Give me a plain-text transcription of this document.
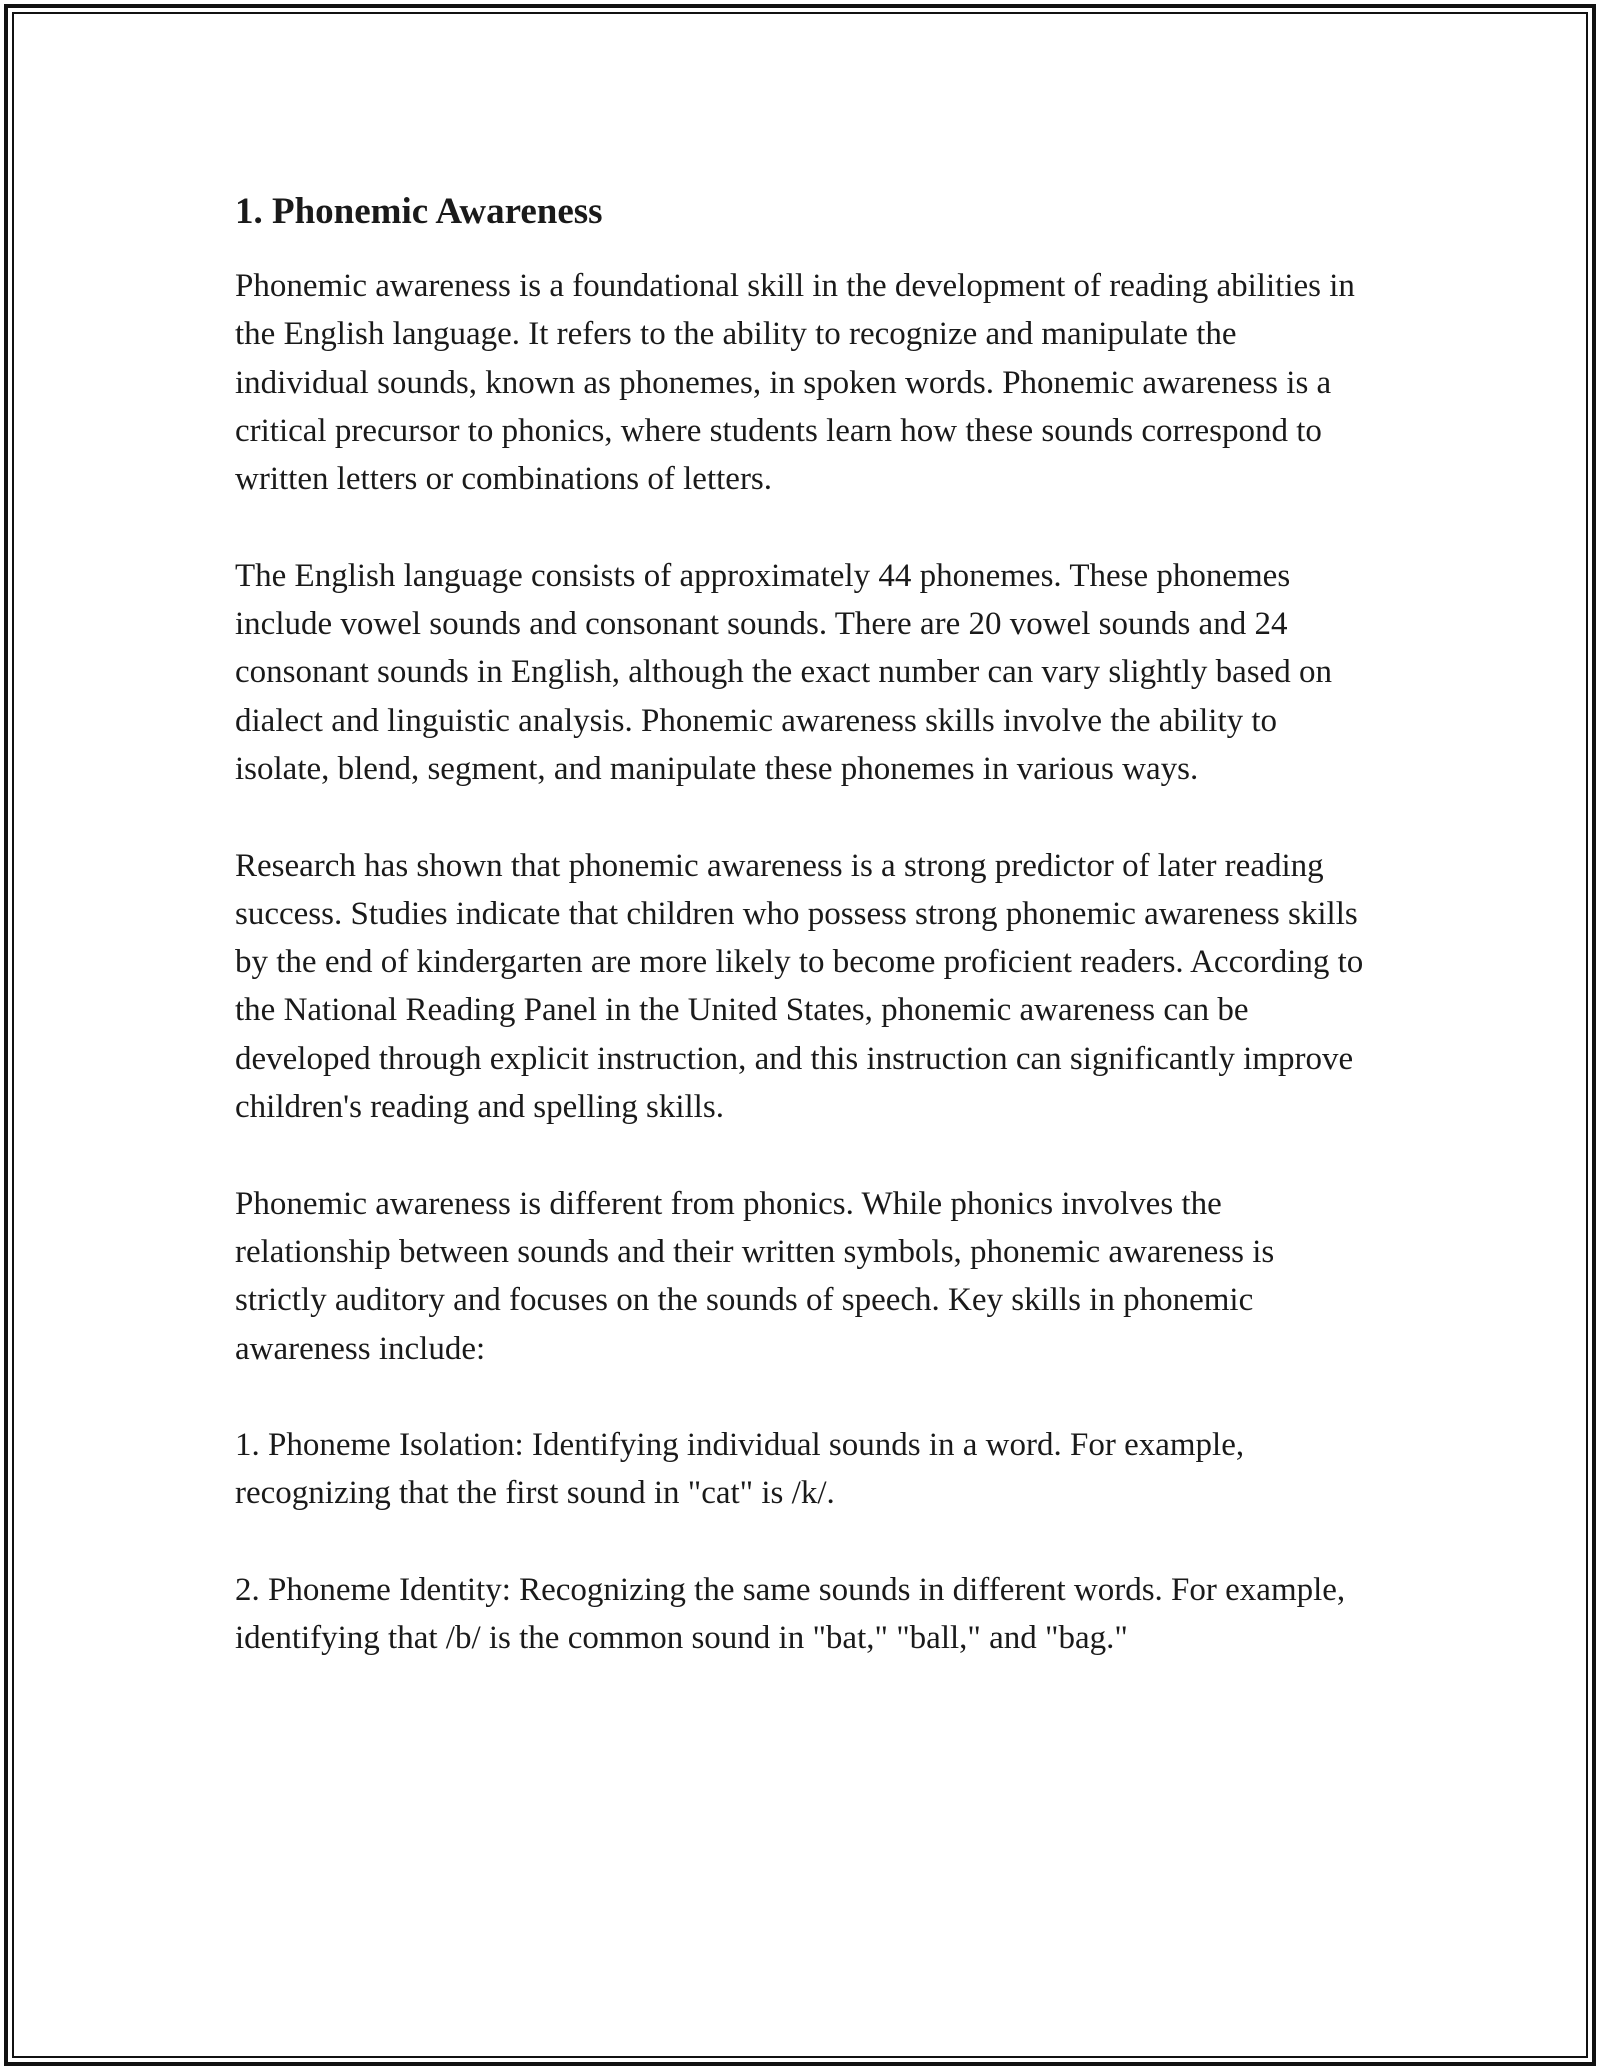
1. Phonemic Awareness

Phonemic awareness is a foundational skill in the development of reading abilities in the English language. It refers to the ability to recognize and manipulate the individual sounds, known as phonemes, in spoken words. Phonemic awareness is a critical precursor to phonics, where students learn how these sounds correspond to written letters or combinations of letters.

The English language consists of approximately 44 phonemes. These phonemes include vowel sounds and consonant sounds. There are 20 vowel sounds and 24 consonant sounds in English, although the exact number can vary slightly based on dialect and linguistic analysis. Phonemic awareness skills involve the ability to isolate, blend, segment, and manipulate these phonemes in various ways.

Research has shown that phonemic awareness is a strong predictor of later reading success. Studies indicate that children who possess strong phonemic awareness skills by the end of kindergarten are more likely to become proficient readers. According to the National Reading Panel in the United States, phonemic awareness can be developed through explicit instruction, and this instruction can significantly improve children's reading and spelling skills.

Phonemic awareness is different from phonics. While phonics involves the relationship between sounds and their written symbols, phonemic awareness is strictly auditory and focuses on the sounds of speech. Key skills in phonemic awareness include:

1. Phoneme Isolation: Identifying individual sounds in a word. For example, recognizing that the first sound in "cat" is /k/.

2. Phoneme Identity: Recognizing the same sounds in different words. For example, identifying that /b/ is the common sound in "bat," "ball," and "bag."
